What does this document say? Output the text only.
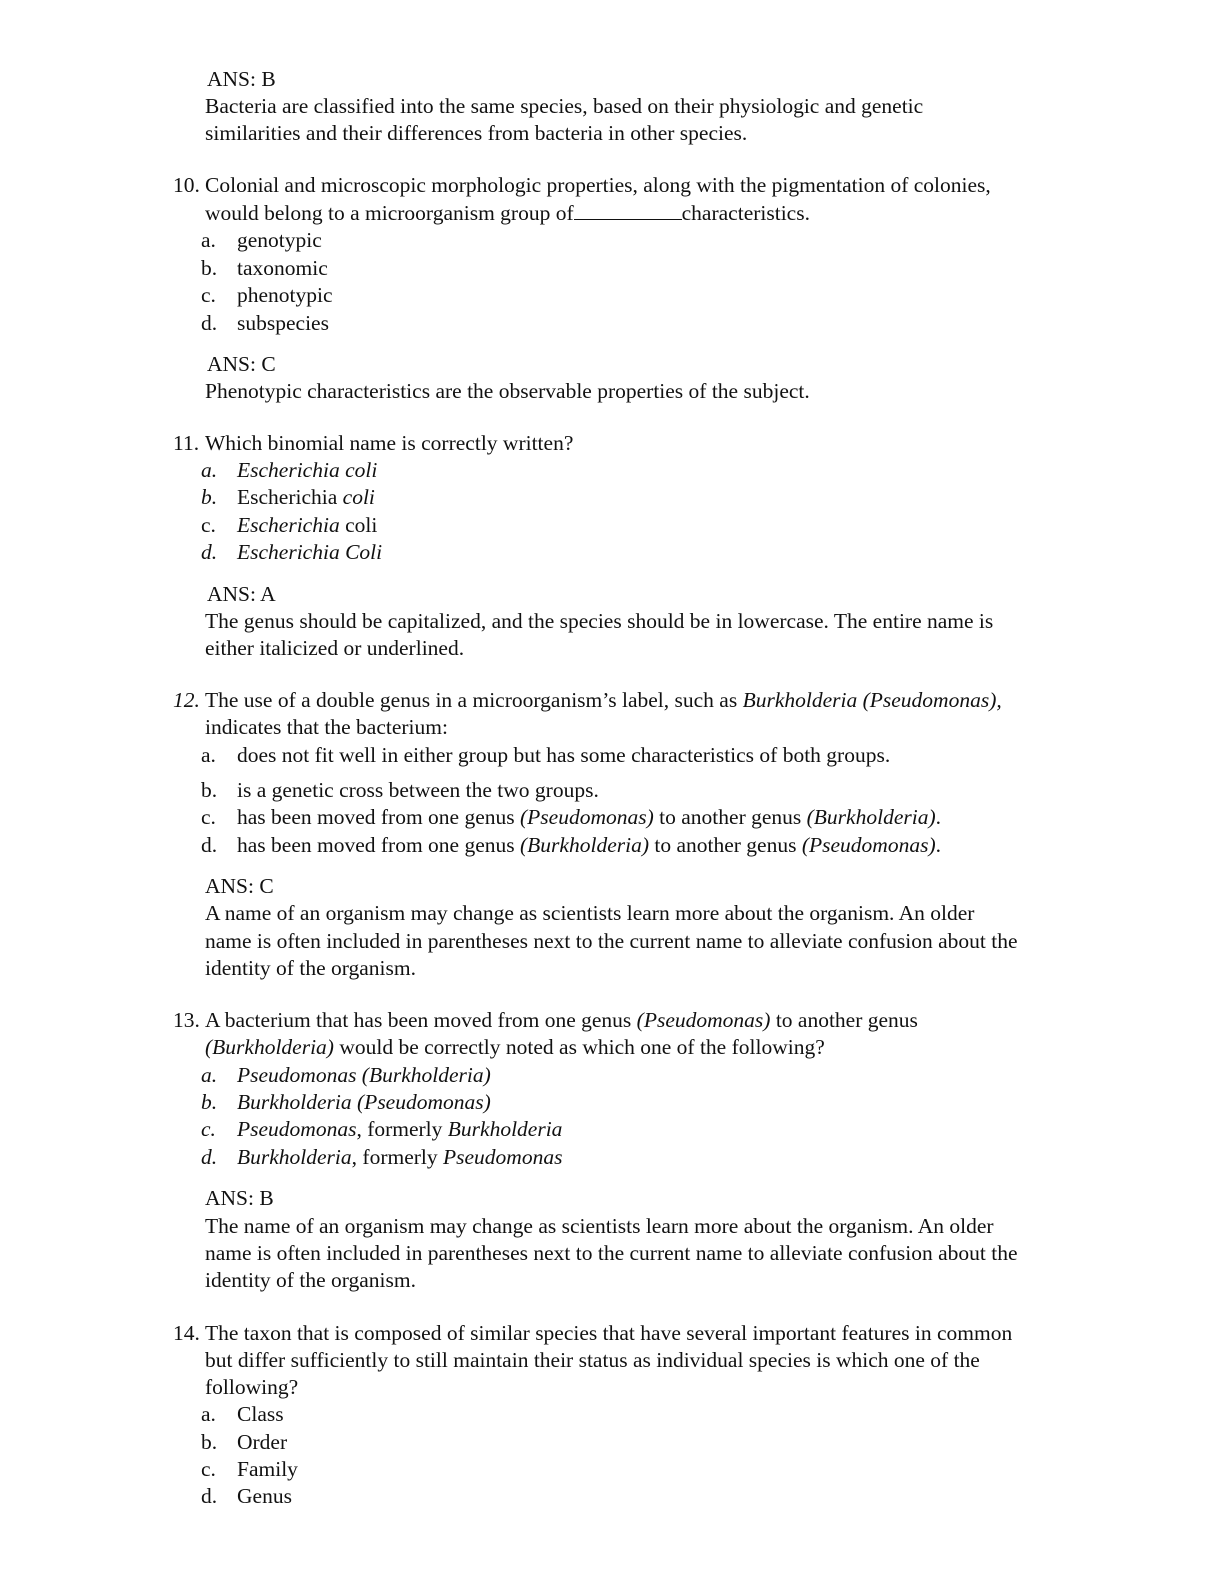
ANS: B
Bacteria are classified into the same species, based on their physiologic and genetic
similarities and their differences from bacteria in other species.
10. Colonial and microscopic morphologic properties, along with the pigmentation of colonies,
would belong to a microorganism group of	characteristics.
a. genotypic
b. taxonomic
c. phenotypic
d. subspecies
ANS: C
Phenotypic characteristics are the observable properties of the subject.
11. Which binomial name is correctly written?
a. Escherichia coli
b. Escherichia coli
c. Escherichia coli
d. Escherichia Coli
ANS: A
The genus should be capitalized, and the species should be in lowercase. The entire name is
either italicized or underlined.
12. The use of a double genus in a microorganism’s label, such as Burkholderia (Pseudomonas),
indicates that the bacterium:
a. does not fit well in either group but has some characteristics of both groups.
b. is a genetic cross between the two groups.
c. has been moved from one genus (Pseudomonas) to another genus (Burkholderia).
d. has been moved from one genus (Burkholderia) to another genus (Pseudomonas).
ANS: C
A name of an organism may change as scientists learn more about the organism. An older
name is often included in parentheses next to the current name to alleviate confusion about the
identity of the organism.
13. A bacterium that has been moved from one genus (Pseudomonas) to another genus
(Burkholderia) would be correctly noted as which one of the following?
a. Pseudomonas (Burkholderia)
b. Burkholderia (Pseudomonas)
c. Pseudomonas, formerly Burkholderia
d. Burkholderia, formerly Pseudomonas
ANS: B
The name of an organism may change as scientists learn more about the organism. An older
name is often included in parentheses next to the current name to alleviate confusion about the
identity of the organism.
14. The taxon that is composed of similar species that have several important features in common
but differ sufficiently to still maintain their status as individual species is which one of the
following?
a. Class
b. Order
c. Family
d. Genus
